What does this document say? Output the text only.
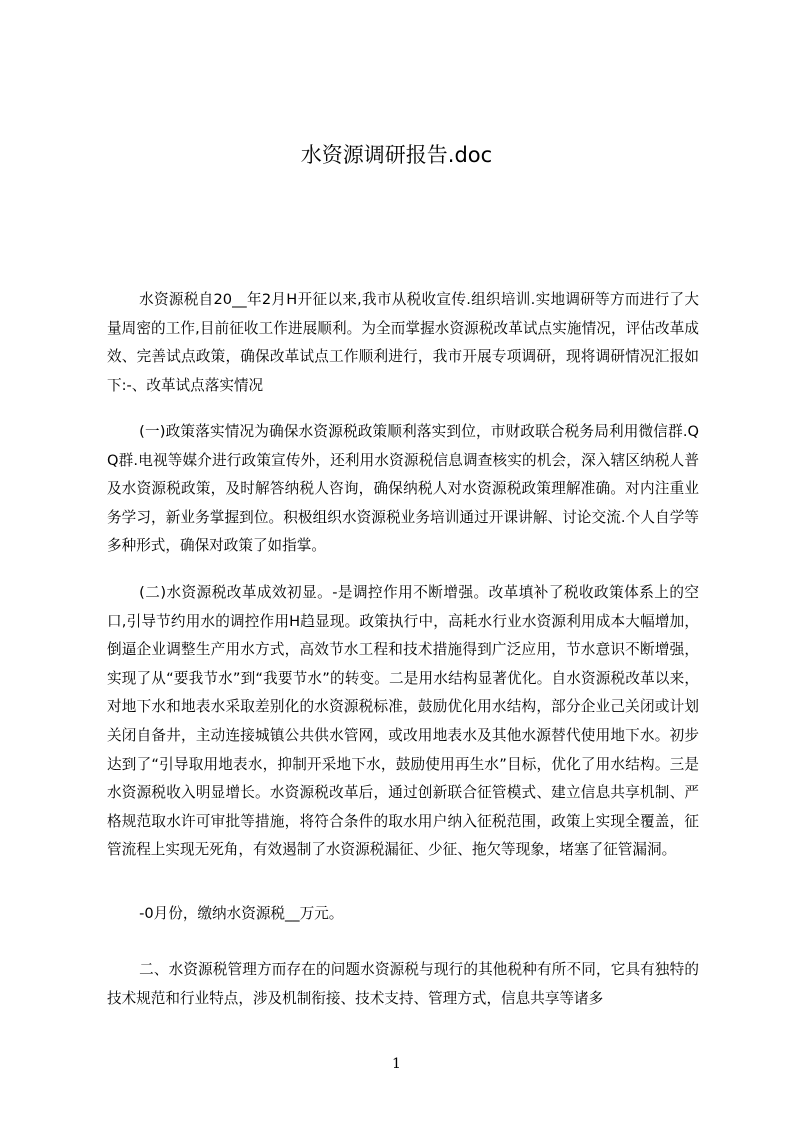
水资源调研报告.doc

水资源税自20__年2月H开征以来,我市从税收宣传.组织培训.实地调研等方而进行了大量周密的工作,目前征收工作进展顺利。为全而掌握水资源税改革试点实施情况，评估改革成效、完善试点政策，确保改革试点工作顺利进行，我市开展专项调研，现将调研情况汇报如下:-、改革试点落实情况

(一)政策落实情况为确保水资源税政策顺利落实到位，市财政联合税务局利用微信群.QQ群.电视等媒介进行政策宣传外，还利用水资源税信息调查核实的机会，深入辖区纳税人普及水资源税政策，及时解答纳税人咨询，确保纳税人对水资源税政策理解准确。对内注重业务学习，新业务掌握到位。积极组织水资源税业务培训通过开课讲解、讨论交流.个人自学等多种形式，确保对政策了如指掌。

(二)水资源税改革成效初显。-是调控作用不断增强。改革填补了税收政策体系上的空口,引导节约用水的调控作用H趋显现。政策执行中，高耗水行业水资源利用成本大幅增加，倒逼企业调整生产用水方式，高效节水工程和技术措施得到广泛应用，节水意识不断增强，实现了从“要我节水”到“我要节水”的转变。二是用水结构显著优化。自水资源税改革以来，对地下水和地表水采取差别化的水资源税标准，鼓励优化用水结构，部分企业己关闭或计划关闭自备井，主动连接城镇公共供水管网，或改用地表水及其他水源替代使用地下水。初步达到了“引导取用地表水，抑制开采地下水，鼓励使用再生水”目标，优化了用水结构。三是水资源税收入明显增长。水资源税改革后，通过创新联合征管模式、建立信息共享机制、严格规范取水许可审批等措施，将符合条件的取水用户纳入征税范围，政策上实现全覆盖，征管流程上实现无死角，有效遏制了水资源税漏征、少征、拖欠等现象，堵塞了征管漏洞。

-0月份，缴纳水资源税__万元。

二、水资源税管理方而存在的问题水资源税与现行的其他税种有所不同，它具有独特的技术规范和行业特点，涉及机制衔接、技术支持、管理方式，信息共享等诸多

1
